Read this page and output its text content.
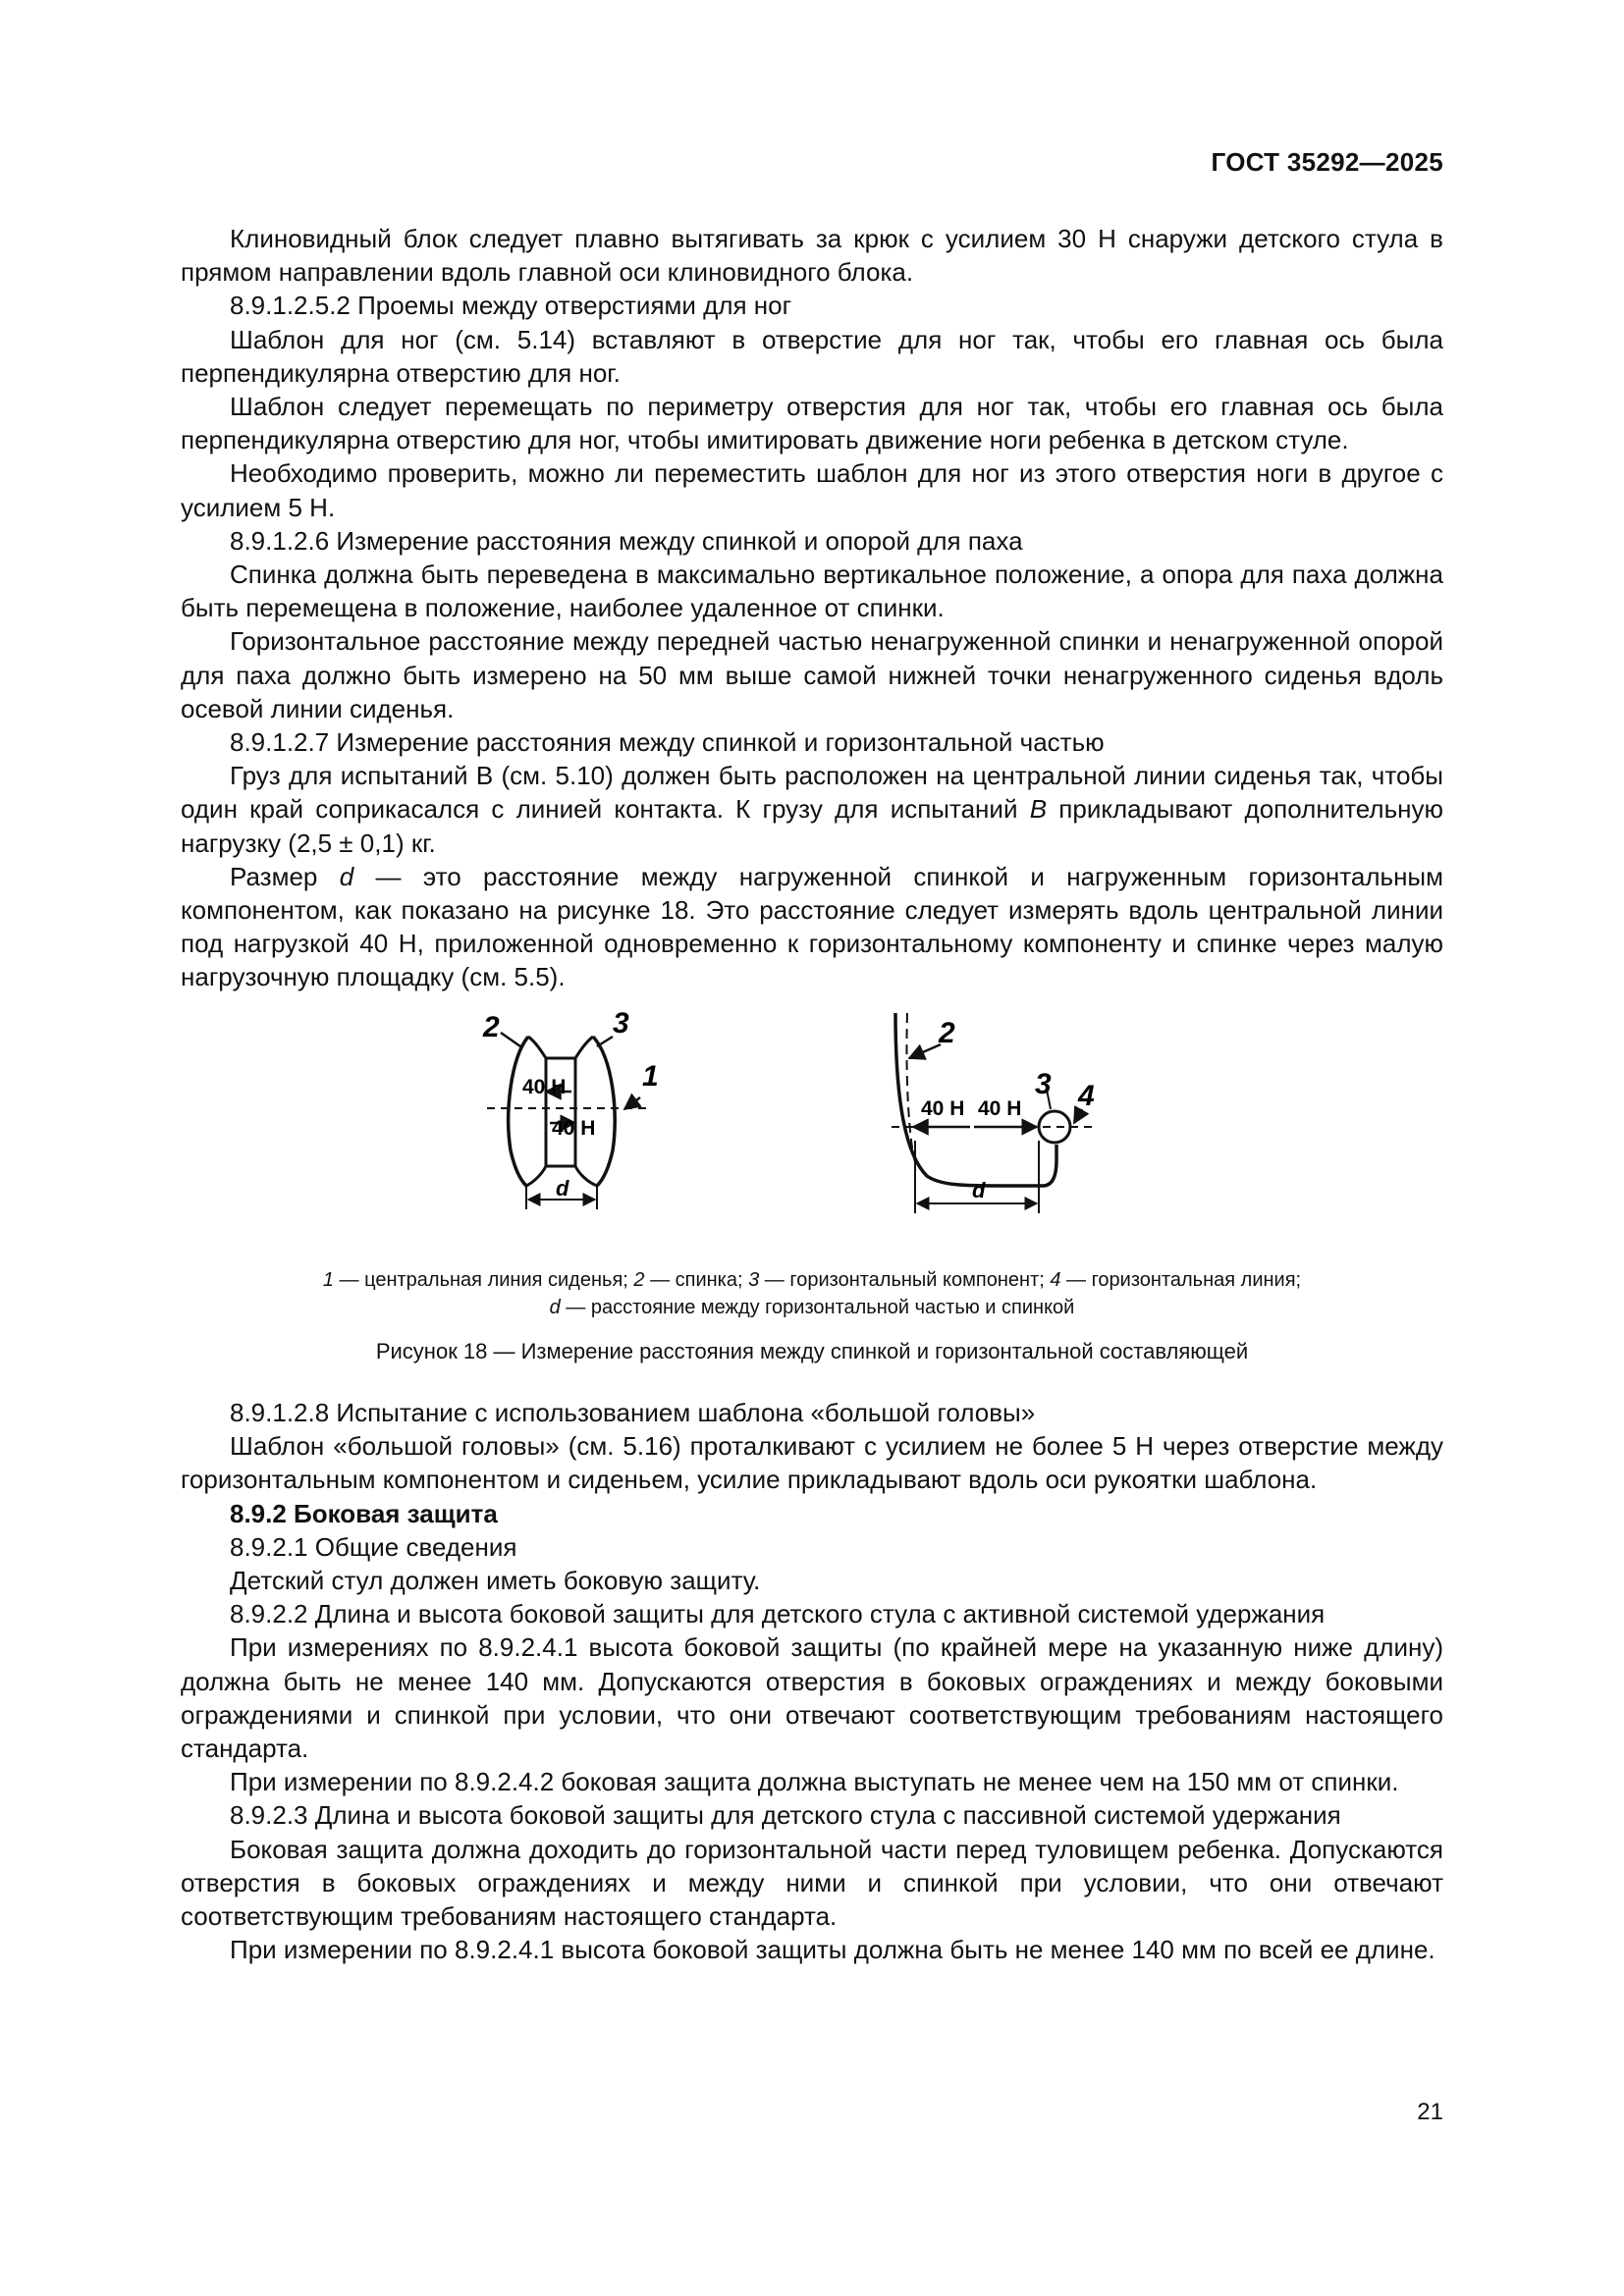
ГОСТ 35292—2025

Клиновидный блок следует плавно вытягивать за крюк с усилием 30 Н снаружи детского стула в прямом направлении вдоль главной оси клиновидного блока.

8.9.1.2.5.2 Проемы между отверстиями для ног

Шаблон для ног (см. 5.14) вставляют в отверстие для ног так, чтобы его главная ось была перпендикулярна отверстию для ног.

Шаблон следует перемещать по периметру отверстия для ног так, чтобы его главная ось была перпендикулярна отверстию для ног, чтобы имитировать движение ноги ребенка в детском стуле.

Необходимо проверить, можно ли переместить шаблон для ног из этого отверстия ноги в другое с усилием 5 Н.

8.9.1.2.6 Измерение расстояния между спинкой и опорой для паха

Спинка должна быть переведена в максимально вертикальное положение, а опора для паха должна быть перемещена в положение, наиболее удаленное от спинки.

Горизонтальное расстояние между передней частью ненагруженной спинки и ненагруженной опорой для паха должно быть измерено на 50 мм выше самой нижней точки ненагруженного сиденья вдоль осевой линии сиденья.

8.9.1.2.7 Измерение расстояния между спинкой и горизонтальной частью

Груз для испытаний В (см. 5.10) должен быть расположен на центральной линии сиденья так, чтобы один край соприкасался с линией контакта. К грузу для испытаний B прикладывают дополнительную нагрузку (2,5 ± 0,1) кг.

Размер d — это расстояние между нагруженной спинкой и нагруженным горизонтальным компонентом, как показано на рисунке 18. Это расстояние следует измерять вдоль центральной линии под нагрузкой 40 Н, приложенной одновременно к горизонтальному компоненту и спинке через малую нагрузочную площадку (см. 5.5).

2	3
1
40 Н
40 Н
d
2
3 4
40 Н 40 Н
d
1 — центральная линия сиденья; 2 — спинка; 3 — горизонтальный компонент; 4 — горизонтальная линия;
d — расстояние между горизонтальной частью и спинкой
Рисунок 18 — Измерение расстояния между спинкой и горизонтальной составляющей

8.9.1.2.8 Испытание с использованием шаблона «большой головы»

Шаблон «большой головы» (см. 5.16) проталкивают с усилием не более 5 Н через отверстие между горизонтальным компонентом и сиденьем, усилие прикладывают вдоль оси рукоятки шаблона.

8.9.2 Боковая защита

8.9.2.1 Общие сведения

Детский стул должен иметь боковую защиту.

8.9.2.2 Длина и высота боковой защиты для детского стула с активной системой удержания

При измерениях по 8.9.2.4.1 высота боковой защиты (по крайней мере на указанную ниже длину) должна быть не менее 140 мм. Допускаются отверстия в боковых ограждениях и между боковыми ограждениями и спинкой при условии, что они отвечают соответствующим требованиям настоящего стандарта.

При измерении по 8.9.2.4.2 боковая защита должна выступать не менее чем на 150 мм от спинки.

8.9.2.3 Длина и высота боковой защиты для детского стула с пассивной системой удержания

Боковая защита должна доходить до горизонтальной части перед туловищем ребенка. Допускаются отверстия в боковых ограждениях и между ними и спинкой при условии, что они отвечают соответствующим требованиям настоящего стандарта.

При измерении по 8.9.2.4.1 высота боковой защиты должна быть не менее 140 мм по всей ее длине.

21
